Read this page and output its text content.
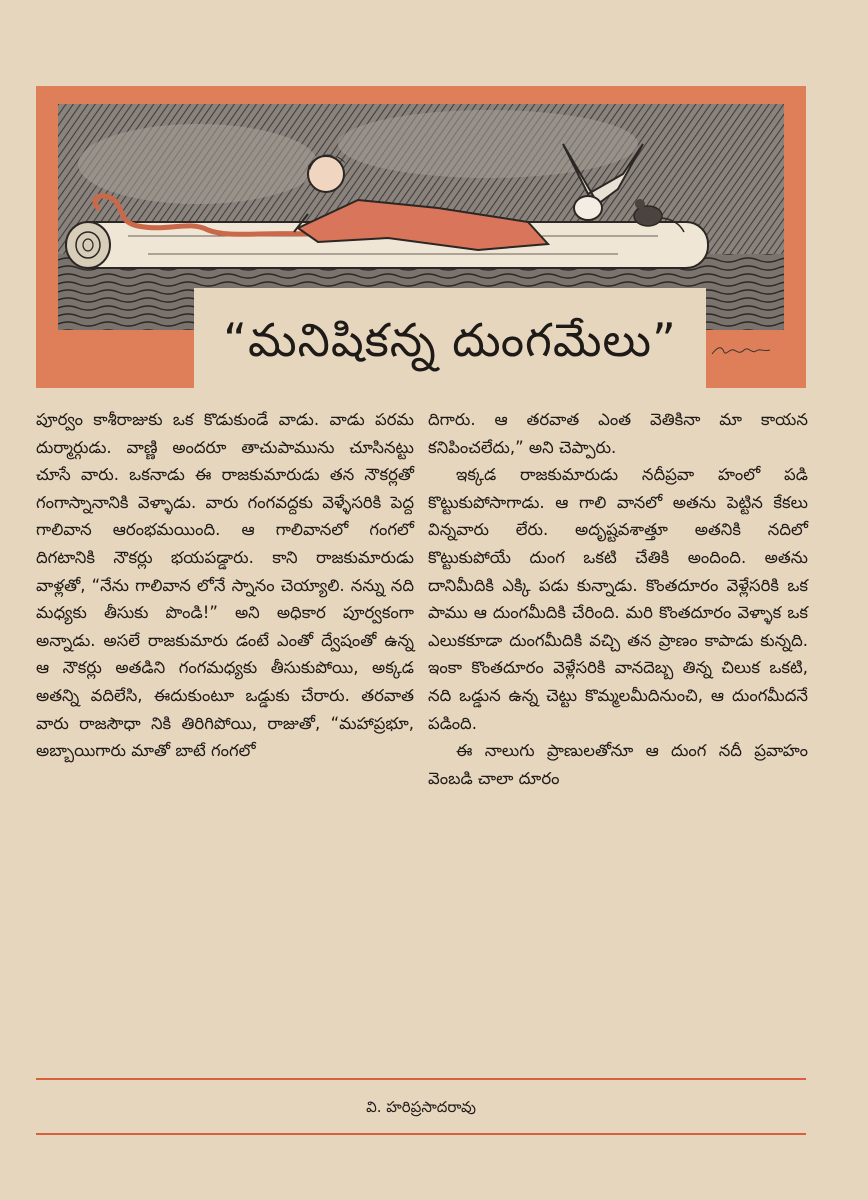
“మనిషికన్న దుంగమేలు”

పూర్వం కాశీరాజుకు ఒక కొడుకుండే వాడు. వాడు పరమ దుర్మార్గుడు. వాణ్ణి అందరూ తాచుపామును చూసినట్టు చూసే వారు. ఒకనాడు ఈ రాజకుమారుడు తన నౌకర్లతో గంగాస్నానానికి వెళ్ళాడు. వారు గంగవద్దకు వెళ్ళేసరికి పెద్ద గాలివాన ఆరంభమయింది. ఆ గాలివానలో గంగలో దిగటానికి నౌకర్లు భయపడ్డారు. కాని రాజకుమారుడు వాళ్లతో, “నేను గాలివాన లోనే స్నానం చెయ్యాలి. నన్ను నది మధ్యకు తీసుకు పొండి!” అని అధికార పూర్వకంగా అన్నాడు. అసలే రాజకుమారు డంటే ఎంతో ద్వేషంతో ఉన్న ఆ నౌకర్లు అతడిని గంగమధ్యకు తీసుకుపోయి, అక్కడ అతన్ని వదిలేసి, ఈదుకుంటూ ఒడ్డుకు చేరారు. తరవాత వారు రాజసౌధా నికి తిరిగిపోయి, రాజుతో, “మహాప్రభూ, అబ్బాయిగారు మాతో బాటే గంగలో

దిగారు. ఆ తరవాత ఎంత వెతికినా మా కాయన కనిపించలేదు,” అని చెప్పారు.

ఇక్కడ రాజకుమారుడు నదీప్రవా హంలో పడి కొట్టుకుపోసాగాడు. ఆ గాలి వానలో అతను పెట్టిన కేకలు విన్నవారు లేరు. అదృష్టవశాత్తూ అతనికి నదిలో కొట్టుకుపోయే దుంగ ఒకటి చేతికి అందింది. అతను దానిమీదికి ఎక్కి పడు కున్నాడు. కొంతదూరం వెళ్లేసరికి ఒక పాము ఆ దుంగమీదికి చేరింది. మరి కొంతదూరం వెళ్ళాక ఒక ఎలుకకూడా దుంగమీదికి వచ్చి తన ప్రాణం కాపాడు కున్నది. ఇంకా కొంతదూరం వెళ్లేసరికి వానదెబ్బ తిన్న చిలుక ఒకటి, నది ఒడ్డున ఉన్న చెట్టు కొమ్మలమీదినుంచి, ఆ దుంగమీదనే పడింది.

ఈ నాలుగు ప్రాణులతోనూ ఆ దుంగ నదీ ప్రవాహం వెంబడి చాలా దూరం

వి. హరిప్రసాదరావు
